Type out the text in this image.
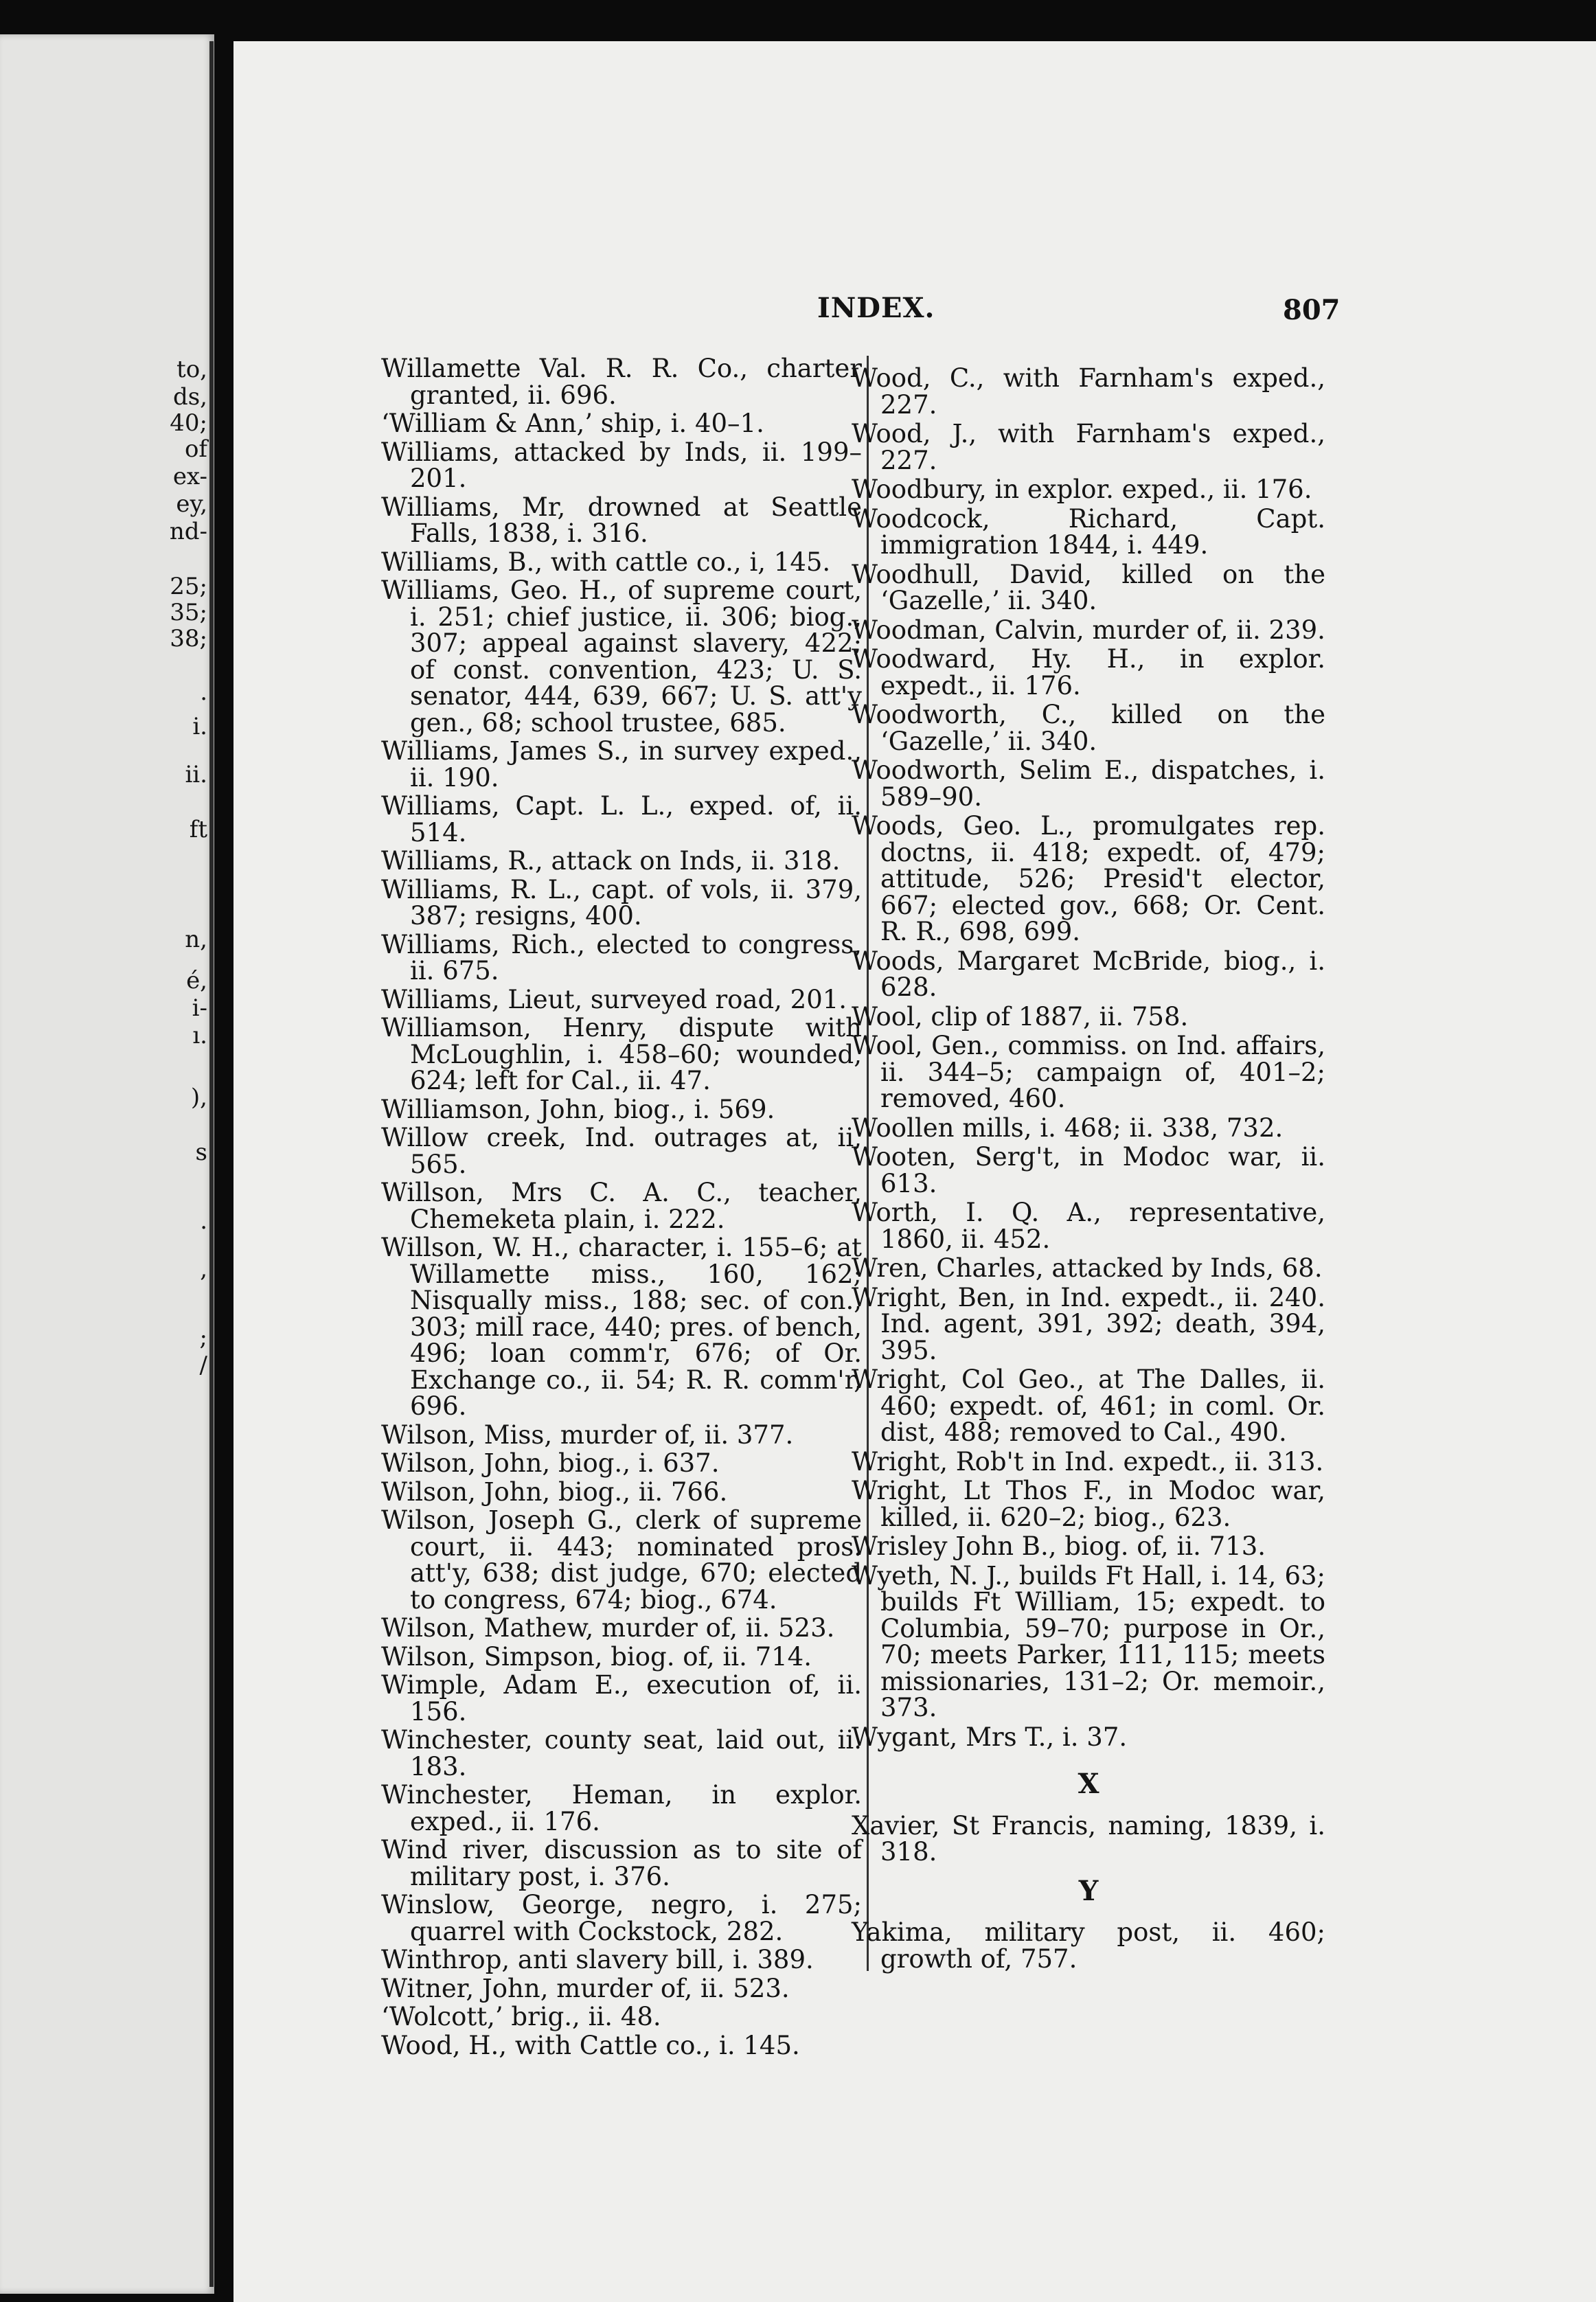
to,
ds,
40;
of
ex-
ey,
nd-
25;
35;
38;
.
i.
ii.
ft
n,
é,
i-
ı.
),
s
.
,
;
/
INDEX.	807

Willamette Val. R. R. Co., charter granted, ii. 696.

‘William & Ann,’ ship, i. 40–1.

Williams, attacked by Inds, ii. 199–201.

Williams, Mr, drowned at Seattle Falls, 1838, i. 316.

Williams, B., with cattle co., i, 145.

Williams, Geo. H., of supreme court, i. 251; chief justice, ii. 306; biog., 307; appeal against slavery, 422; of const. convention, 423; U. S. senator, 444, 639, 667; U. S. att'y gen., 68; school trustee, 685.

Williams, James S., in survey exped., ii. 190.

Williams, Capt. L. L., exped. of, ii. 514.

Williams, R., attack on Inds, ii. 318.

Williams, R. L., capt. of vols, ii. 379, 387; resigns, 400.

Williams, Rich., elected to congress, ii. 675.

Williams, Lieut, surveyed road, 201.

Williamson, Henry, dispute with McLoughlin, i. 458–60; wounded, 624; left for Cal., ii. 47.

Williamson, John, biog., i. 569.

Willow creek, Ind. outrages at, ii, 565.

Willson, Mrs C. A. C., teacher, Chemeketa plain, i. 222.

Willson, W. H., character, i. 155–6; at Willamette miss., 160, 162; Nisqually miss., 188; sec. of con., 303; mill race, 440; pres. of bench, 496; loan comm'r, 676; of Or. Exchange co., ii. 54; R. R. comm'r, 696.

Wilson, Miss, murder of, ii. 377.

Wilson, John, biog., i. 637.

Wilson, John, biog., ii. 766.

Wilson, Joseph G., clerk of supreme court, ii. 443; nominated pros. att'y, 638; dist judge, 670; elected to congress, 674; biog., 674.

Wilson, Mathew, murder of, ii. 523.

Wilson, Simpson, biog. of, ii. 714.

Wimple, Adam E., execution of, ii. 156.

Winchester, county seat, laid out, ii. 183.

Winchester, Heman, in explor. exped., ii. 176.

Wind river, discussion as to site of military post, i. 376.

Winslow, George, negro, i. 275; quarrel with Cockstock, 282.

Winthrop, anti slavery bill, i. 389.

Witner, John, murder of, ii. 523.

‘Wolcott,’ brig., ii. 48.

Wood, H., with Cattle co., i. 145.

Wood, C., with Farnham's exped., 227.

Wood, J., with Farnham's exped., 227.

Woodbury, in explor. exped., ii. 176.

Woodcock, Richard, Capt. immigration 1844, i. 449.

Woodhull, David, killed on the ‘Gazelle,’ ii. 340.

Woodman, Calvin, murder of, ii. 239.

Woodward, Hy. H., in explor. expedt., ii. 176.

Woodworth, C., killed on the ‘Gazelle,’ ii. 340.

Woodworth, Selim E., dispatches, i. 589–90.

Woods, Geo. L., promulgates rep. doctns, ii. 418; expedt. of, 479; attitude, 526; Presid't elector, 667; elected gov., 668; Or. Cent. R. R., 698, 699.

Woods, Margaret McBride, biog., i. 628.

Wool, clip of 1887, ii. 758.

Wool, Gen., commiss. on Ind. affairs, ii. 344–5; campaign of, 401–2; removed, 460.

Woollen mills, i. 468; ii. 338, 732.

Wooten, Serg't, in Modoc war, ii. 613.

Worth, I. Q. A., representative, 1860, ii. 452.

Wren, Charles, attacked by Inds, 68.

Wright, Ben, in Ind. expedt., ii. 240. Ind. agent, 391, 392; death, 394, 395.

Wright, Col Geo., at The Dalles, ii. 460; expedt. of, 461; in coml. Or. dist, 488; removed to Cal., 490.

Wright, Rob't in Ind. expedt., ii. 313.

Wright, Lt Thos F., in Modoc war, killed, ii. 620–2; biog., 623.

Wrisley John B., biog. of, ii. 713.

Wyeth, N. J., builds Ft Hall, i. 14, 63; builds Ft William, 15; expedt. to Columbia, 59–70; purpose in Or., 70; meets Parker, 111, 115; meets missionaries, 131–2; Or. memoir., 373.

Wygant, Mrs T., i. 37.

X

Xavier, St Francis, naming, 1839, i. 318.

Y

Yakima, military post, ii. 460; growth of, 757.
